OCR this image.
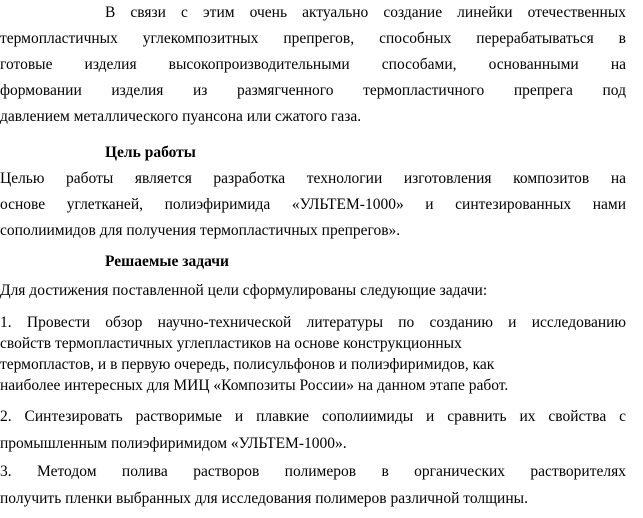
В связи с этим очень актуально создание линейки отечественных
термопластичных углекомпозитных препрегов, способных перерабатываться в
готовые изделия высокопроизводительными способами, основанными на
формовании изделия из размягченного термопластичного препрега под
давлением металлического пуансона или сжатого газа.

Цель работы

Целью работы является разработка технологии изготовления композитов на
основе углетканей, полиэфиримида «УЛЬТЕМ-1000» и синтезированных нами
сополиимидов для получения термопластичных препрегов».

Решаемые задачи

Для достижения поставленной цели сформулированы следующие задачи:

1. Провести обзор научно-технической литературы по созданию и исследованию
свойств термопластичных углепластиков на основе конструкционных
термопластов, и в первую очередь, полисульфонов и полиэфиримидов, как
наиболее интересных для МИЦ «Композиты России» на данном этапе работ.
2. Синтезировать растворимые и плавкие сополиимиды и сравнить их свойства с
промышленным полиэфиримидом «УЛЬТЕМ-1000».
3. Методом полива растворов полимеров в органических растворителях
получить пленки выбранных для исследования полимеров различной толщины.
